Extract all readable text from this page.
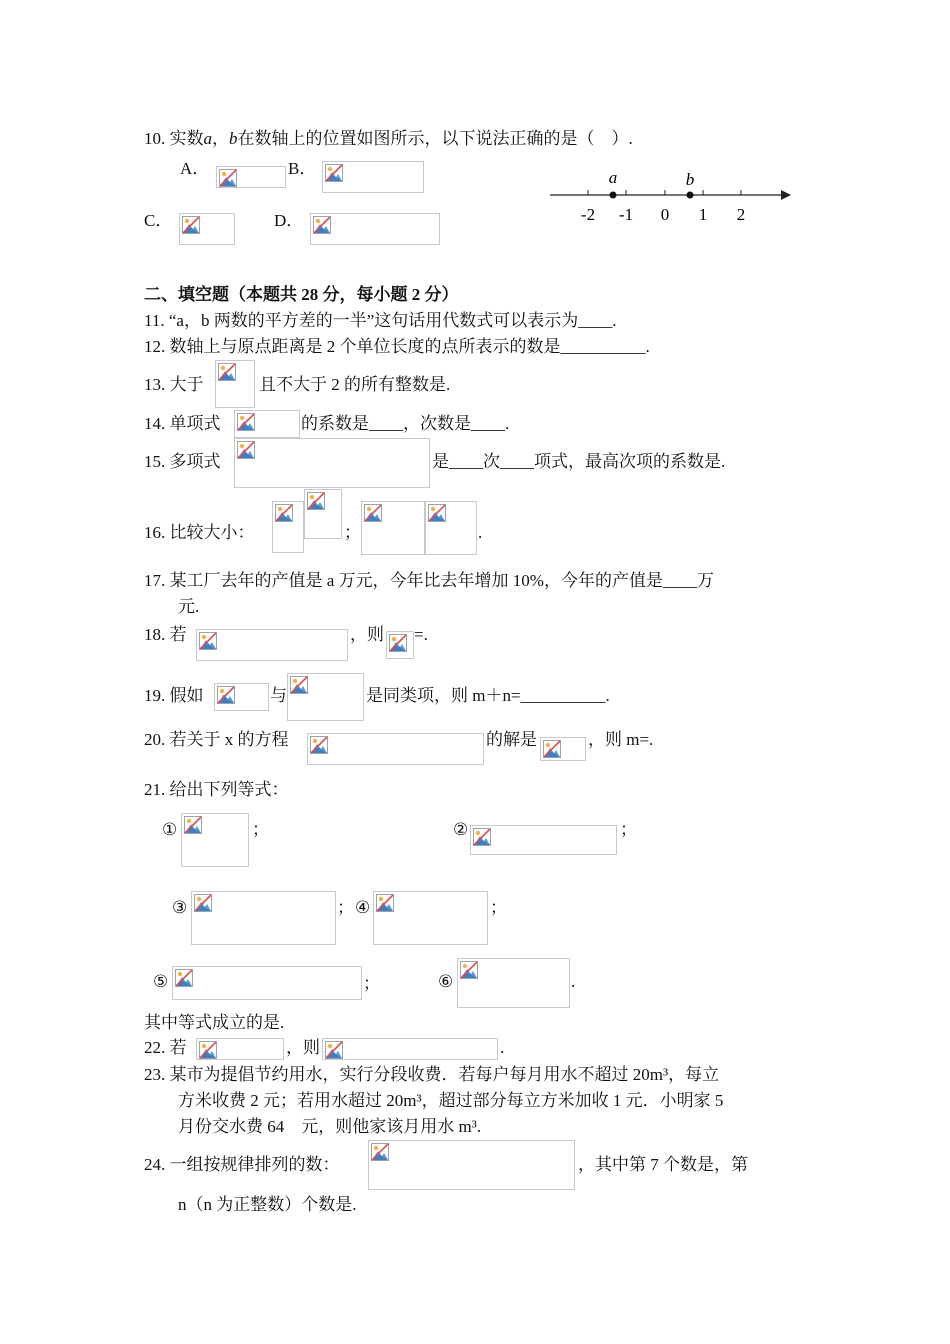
10. 实数a，b在数轴上的位置如图所示，以下说法正确的是（　）.
A．	B．
C．	D．
a	b
-2 -1 0 1 2
二、填空题（本题共 28 分，每小题 2 分）
11. “a，b 两数的平方差的一半”这句话用代数式可以表示为____.
12. 数轴上与原点距离是 2 个单位长度的点所表示的数是__________.
13. 大于	且不大于 2 的所有整数是.
14. 单项式	的系数是____，次数是____.
15. 多项式	是____次____项式，最高次项的系数是.
16. 比较大小：	；	.
17. 某工厂去年的产值是 a 万元，今年比去年增加 10%，今年的产值是____万
元.
18. 若	，则 =.
19. 假如	与	是同类项，则 m＋n=__________.
20. 若关于 x 的方程	的解是	，则 m=.
21. 给出下列等式：
①	；	②	；
③	； ④	；
⑤	；	⑥	.
其中等式成立的是.
22. 若	，则	.
23. 某市为提倡节约用水，实行分段收费．若每户每月用水不超过 20m³，每立
方米收费 2 元；若用水超过 20m³，超过部分每立方米加收 1 元．小明家 5
月份交水费 64　元，则他家该月用水 m³.
24. 一组按规律排列的数：	，其中第 7 个数是，第
n（n 为正整数）个数是.
